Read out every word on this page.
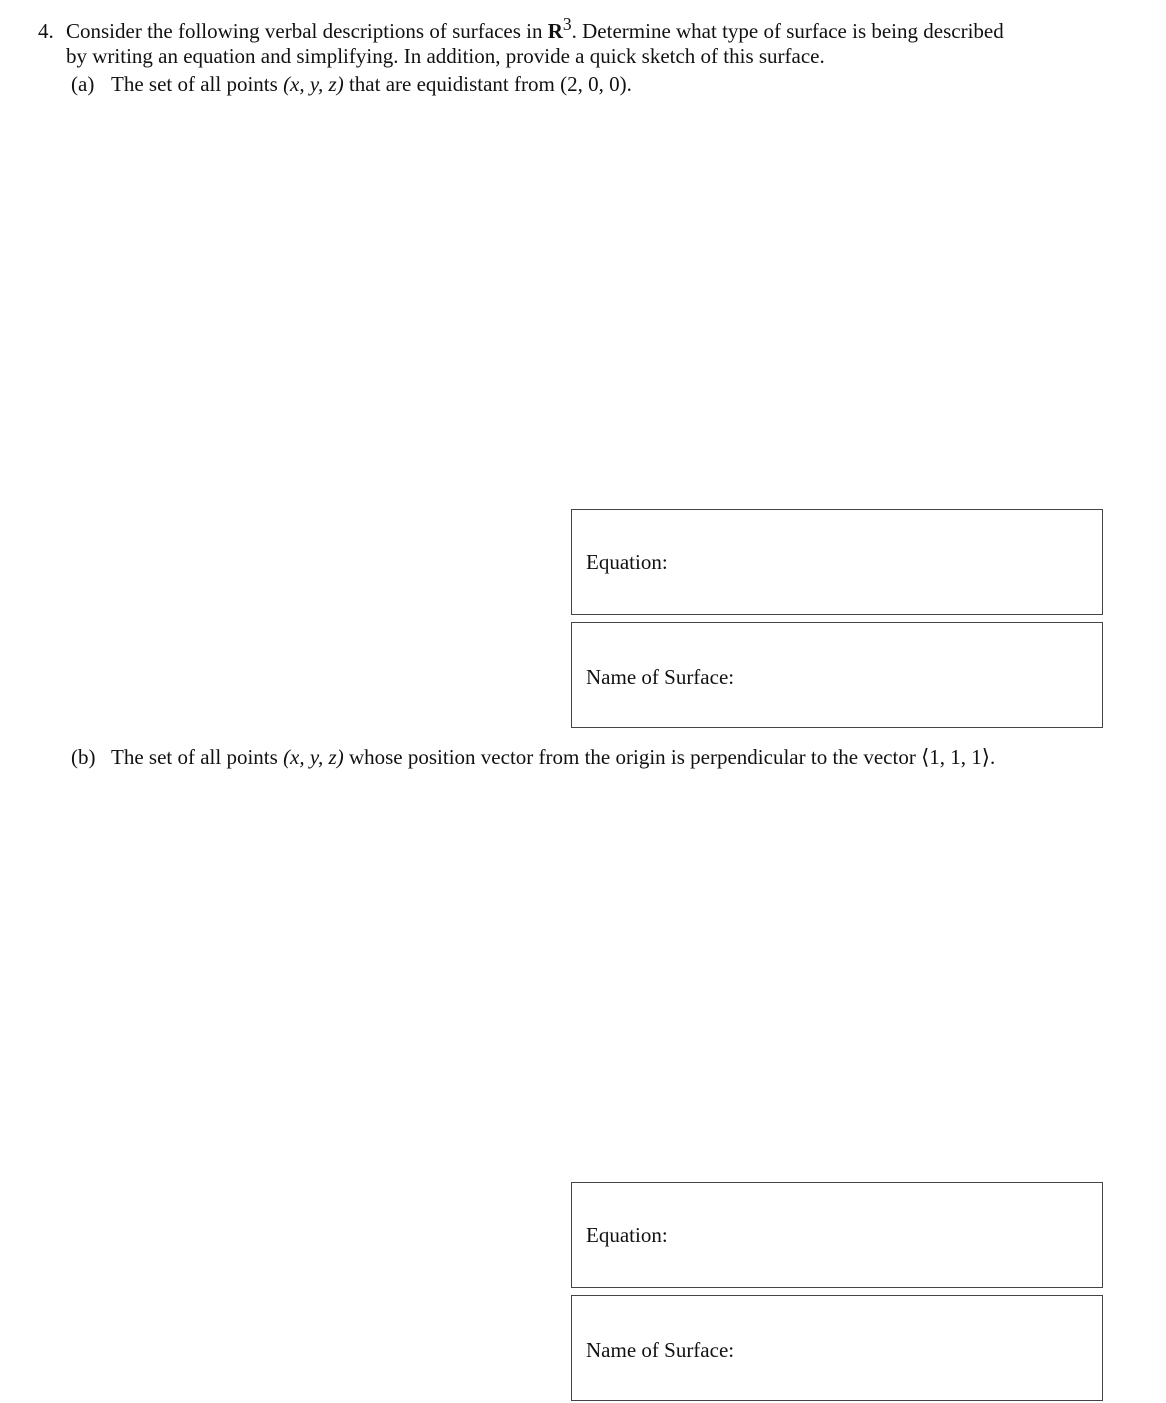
4. Consider the following verbal descriptions of surfaces in $R^3$. Determine what type of surface is being described
by writing an equation and simplifying. In addition, provide a quick sketch of this surface.
(a) The set of all points (x, y, z) that are equidistant from (2, 0, 0).
Equation:
Name of Surface:
(b) The set of all points (x, y, z) whose position vector from the origin is perpendicular to the vector ⟨1, 1, 1⟩.
Equation:
Name of Surface:
